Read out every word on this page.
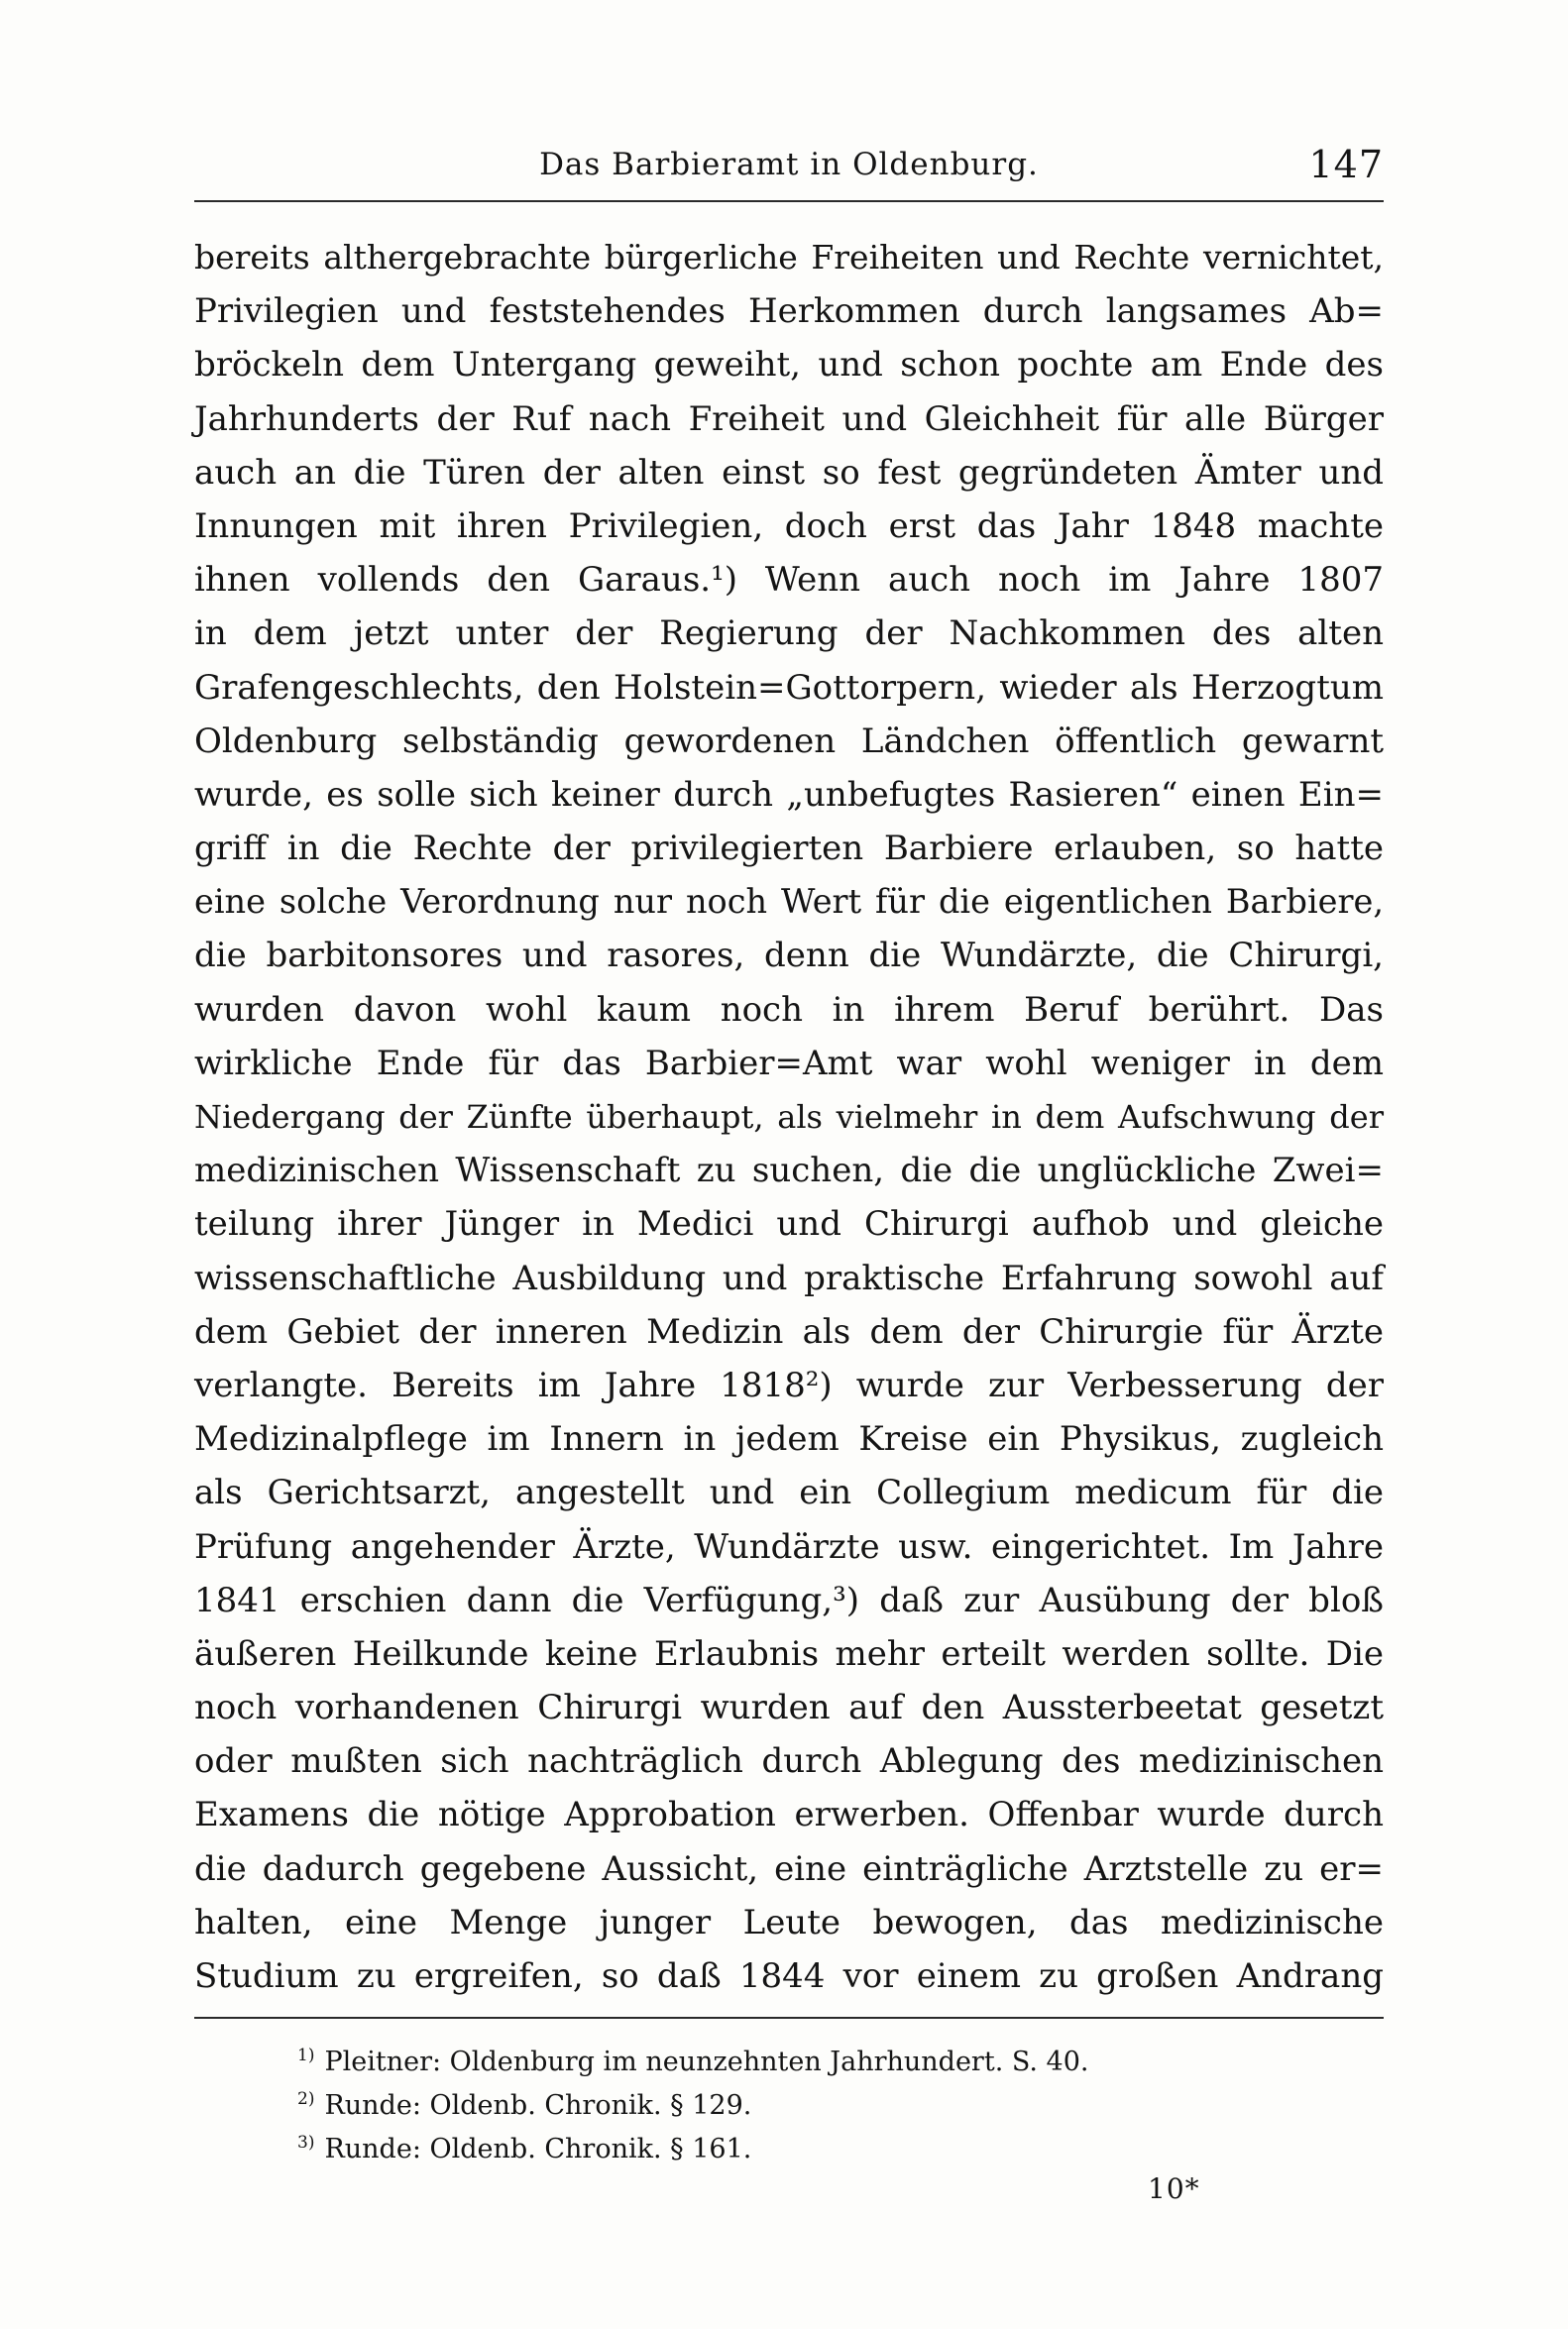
Das Barbieramt in Oldenburg.	147
bereits althergebrachte bürgerliche Freiheiten und Rechte vernichtet,
Privilegien und feststehendes Herkommen durch langsames Ab=
bröckeln dem Untergang geweiht, und schon pochte am Ende des
Jahrhunderts der Ruf nach Freiheit und Gleichheit für alle Bürger
auch an die Türen der alten einst so fest gegründeten Ämter und
Innungen mit ihren Privilegien, doch erst das Jahr 1848 machte
ihnen vollends den Garaus.¹) Wenn auch noch im Jahre 1807
in dem jetzt unter der Regierung der Nachkommen des alten
Grafengeschlechts, den Holstein=Gottorpern, wieder als Herzogtum
Oldenburg selbständig gewordenen Ländchen öffentlich gewarnt
wurde, es solle sich keiner durch „unbefugtes Rasieren“ einen Ein=
griff in die Rechte der privilegierten Barbiere erlauben, so hatte
eine solche Verordnung nur noch Wert für die eigentlichen Barbiere,
die barbitonsores und rasores, denn die Wundärzte, die Chirurgi,
wurden davon wohl kaum noch in ihrem Beruf berührt. Das
wirkliche Ende für das Barbier=Amt war wohl weniger in dem
Niedergang der Zünfte überhaupt, als vielmehr in dem Aufschwung der
medizinischen Wissenschaft zu suchen, die die unglückliche Zwei=
teilung ihrer Jünger in Medici und Chirurgi aufhob und gleiche
wissenschaftliche Ausbildung und praktische Erfahrung sowohl auf
dem Gebiet der inneren Medizin als dem der Chirurgie für Ärzte
verlangte. Bereits im Jahre 1818²) wurde zur Verbesserung der
Medizinalpflege im Innern in jedem Kreise ein Physikus, zugleich
als Gerichtsarzt, angestellt und ein Collegium medicum für die
Prüfung angehender Ärzte, Wundärzte usw. eingerichtet. Im Jahre
1841 erschien dann die Verfügung,³) daß zur Ausübung der bloß
äußeren Heilkunde keine Erlaubnis mehr erteilt werden sollte. Die
noch vorhandenen Chirurgi wurden auf den Aussterbeetat gesetzt
oder mußten sich nachträglich durch Ablegung des medizinischen
Examens die nötige Approbation erwerben. Offenbar wurde durch
die dadurch gegebene Aussicht, eine einträgliche Arztstelle zu er=
halten, eine Menge junger Leute bewogen, das medizinische
Studium zu ergreifen, so daß 1844 vor einem zu großen Andrang
$^{1)}$ Pleitner: Oldenburg im neunzehnten Jahrhundert. S. 40.
$^{2)}$ Runde: Oldenb. Chronik. § 129.
$^{3)}$ Runde: Oldenb. Chronik. § 161.
10*
